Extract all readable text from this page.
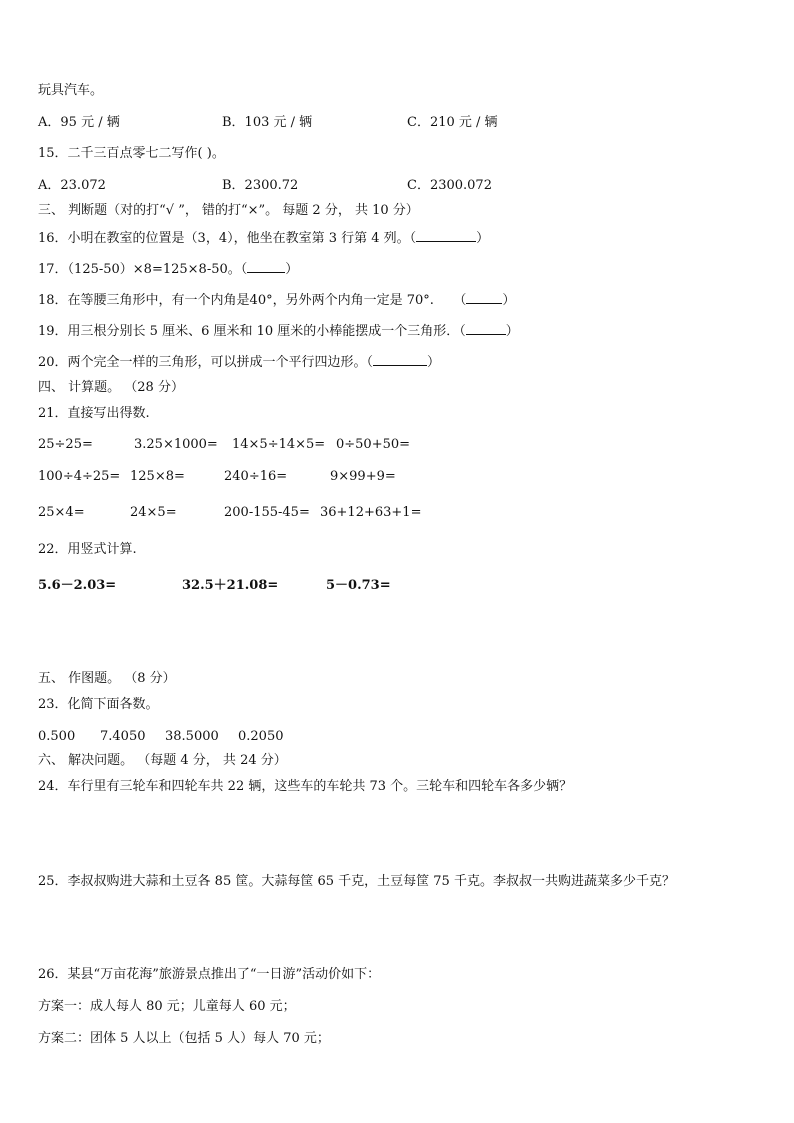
玩具汽车。
A．95 元 / 辆	B．103 元 / 辆	C．210 元 / 辆
15．二千三百点零七二写作( )。
A．23.072	B．2300.72	C．2300.072
三、 判断题（对的打“√ ”， 错的打“×”。 每题 2 分， 共 10 分）
16．小明在教室的位置是（3，4），他坐在教室第 3 行第 4 列。（	）
17．（125-50）×8=125×8-50。（	）
18．在等腰三角形中，有一个内角是40°，另外两个内角一定是 70°.　　（	）
19．用三根分别长 5 厘米、6 厘米和 10 厘米的小棒能摆成一个三角形．（	）
20．两个完全一样的三角形，可以拼成一个平行四边形。（	）
四、 计算题。 （28 分）
21．直接写出得数.
25÷25=	3.25×1000= 14×5÷14×5= 0÷50+50=
100÷4÷25= 125×8=	240÷16=	9×99+9=
25×4=	24×5=	200-155-45= 36+12+63+1=
22．用竖式计算.
5.6－2.03=	32.5＋21.08=	5－0.73=
五、 作图题。 （8 分）
23．化简下面各数。
0.500 7.4050 38.5000 0.2050
六、 解决问题。 （每题 4 分， 共 24 分）
24．车行里有三轮车和四轮车共 22 辆，这些车的车轮共 73 个。三轮车和四轮车各多少辆？
25．李叔叔购进大蒜和土豆各 85 筐。大蒜每筐 65 千克，土豆每筐 75 千克。李叔叔一共购进蔬菜多少千克？
26．某县“万亩花海”旅游景点推出了“一日游”活动价如下：
方案一：成人每人 80 元；儿童每人 60 元；
方案二：团体 5 人以上（包括 5 人）每人 70 元；
